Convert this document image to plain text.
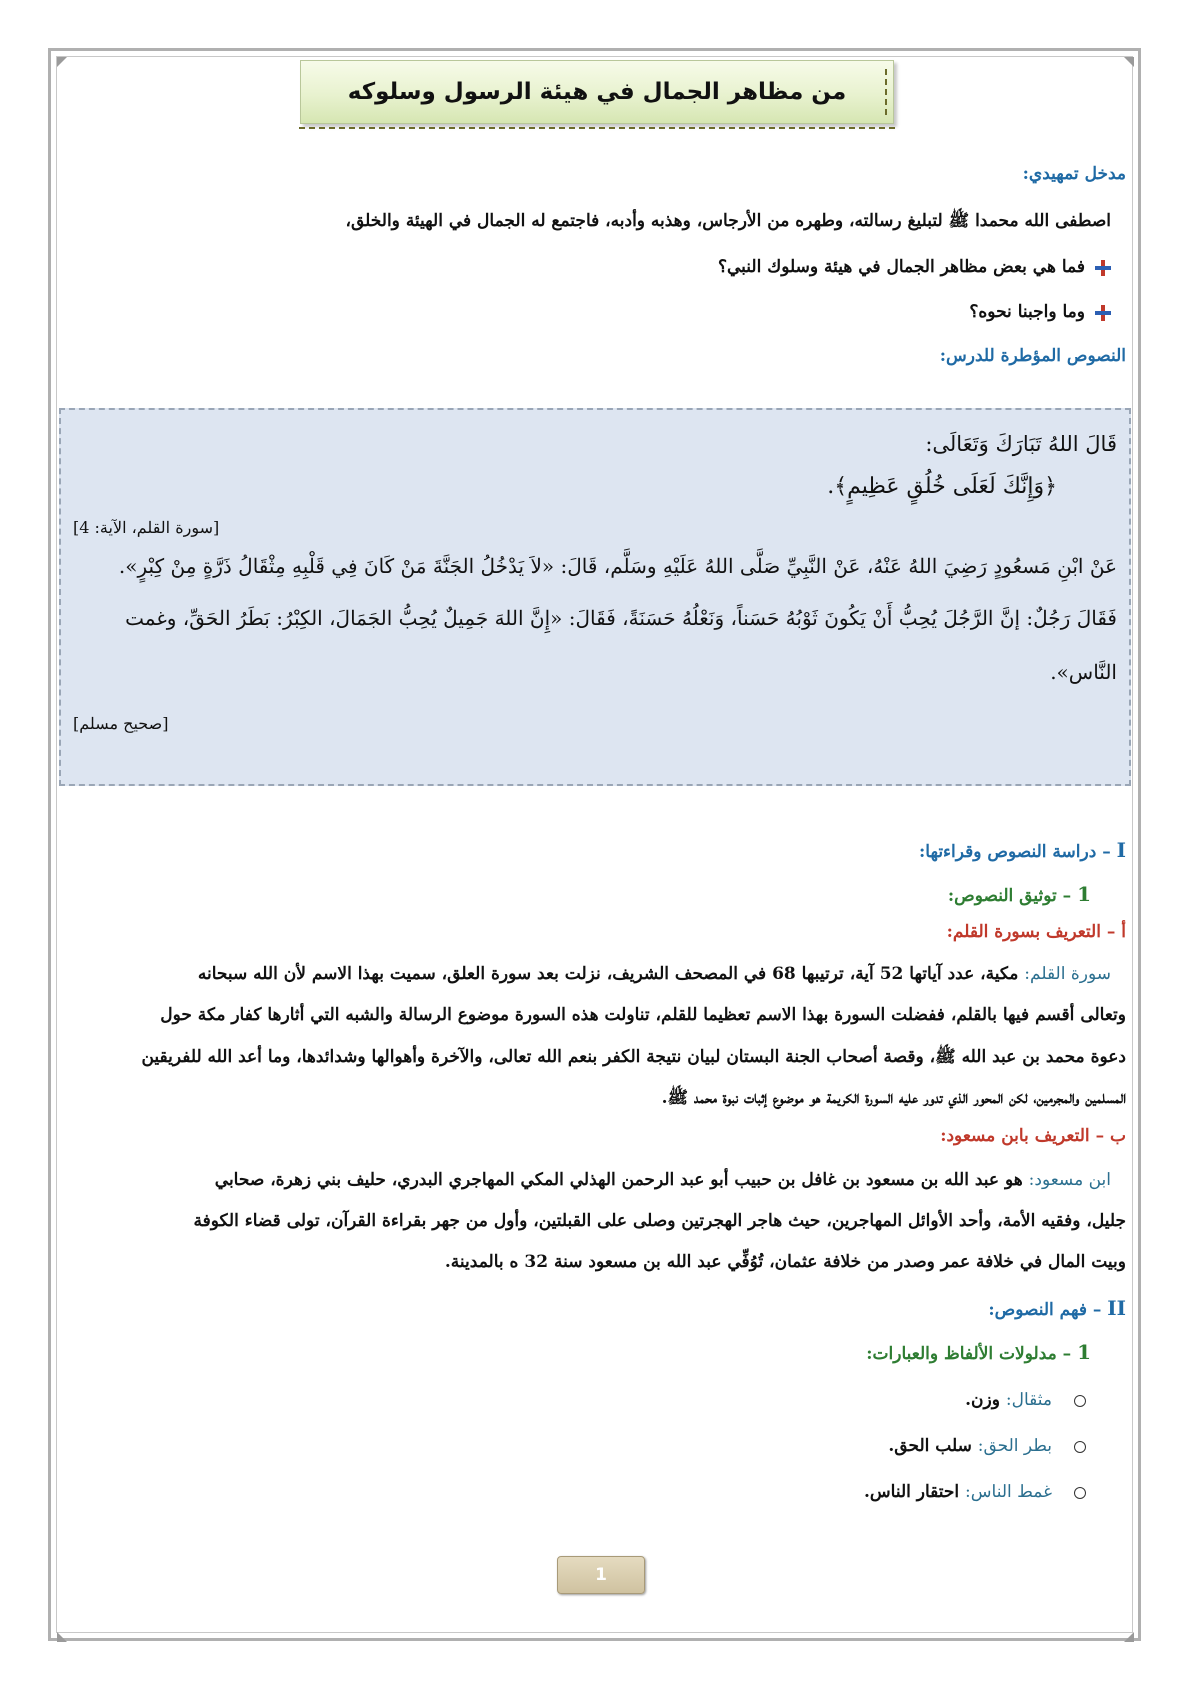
من مظاهر الجمال في هيئة الرسول وسلوكه
مدخل تمهيدي:
اصطفى الله محمدا ﷺ لتبليغ رسالته، وطهره من الأرجاس، وهذبه وأدبه، فاجتمع له الجمال في الهيئة والخلق،
فما هي بعض مظاهر الجمال في هيئة وسلوك النبي؟
وما واجبنا نحوه؟
النصوص المؤطرة للدرس:
قَالَ اللهُ تَبَارَكَ وَتَعَالَى:
﴿وَإِنَّكَ لَعَلَى خُلُقٍ عَظِيمٍ﴾.
[سورة القلم، الآية: 4]
عَنْ ابْنِ مَسعُودٍ رَضِيَ اللهُ عَنْهُ، عَنْ النَّبِيِّ صَلَّى اللهُ عَلَيْهِ وسَلَّم، قَالَ: «لاَ يَدْخُلُ الجَنَّةَ مَنْ كَانَ فِي قَلْبِهِ مِثْقَالُ ذَرَّةٍ مِنْ كِبْرٍ».
فَقَالَ رَجُلٌ: إنَّ الرَّجُلَ يُحِبُّ أَنْ يَكُونَ ثَوْبُهُ حَسَناً، وَنَعْلُهُ حَسَنَةً، فَقَالَ: «إِنَّ اللهَ جَمِيلٌ يُحِبُّ الجَمَالَ، الكِبْرُ: بَطَرُ الحَقِّ، وغمت
النَّاس».
[صحيح مسلم]
I – دراسة النصوص وقراءتها:
1 – توثيق النصوص:
أ – التعريف بسورة القلم:
سورة القلم: مكية، عدد آياتها 52 آية، ترتيبها 68 في المصحف الشريف، نزلت بعد سورة العلق، سميت بهذا الاسم لأن الله سبحانه
وتعالى أقسم فيها بالقلم، ففضلت السورة بهذا الاسم تعظيما للقلم، تناولت هذه السورة موضوع الرسالة والشبه التي أثارها كفار مكة حول
دعوة محمد بن عبد الله ﷺ، وقصة أصحاب الجنة البستان لبيان نتيجة الكفر بنعم الله تعالى، والآخرة وأهوالها وشدائدها، وما أعد الله للفريقين
المسلمين والمجرمين، لكن المحور الذي تدور عليه السورة الكريمة هو موضوع إثبات نبوة محمد ﷺ.
ب – التعريف بابن مسعود:
ابن مسعود: هو عبد الله بن مسعود بن غافل بن حبيب أبو عبد الرحمن الهذلي المكي المهاجري البدري، حليف بني زهرة، صحابي
جليل، وفقيه الأمة، وأحد الأوائل المهاجرين، حيث هاجر الهجرتين وصلى على القبلتين، وأول من جهر بقراءة القرآن، تولى قضاء الكوفة
وبيت المال في خلافة عمر وصدر من خلافة عثمان، تُوُفِّي عبد الله بن مسعود سنة 32 ه بالمدينة.
II – فهم النصوص:
1 – مدلولات الألفاظ والعبارات:
مثقال: وزن.
بطر الحق: سلب الحق.
غمط الناس: احتقار الناس.
1
